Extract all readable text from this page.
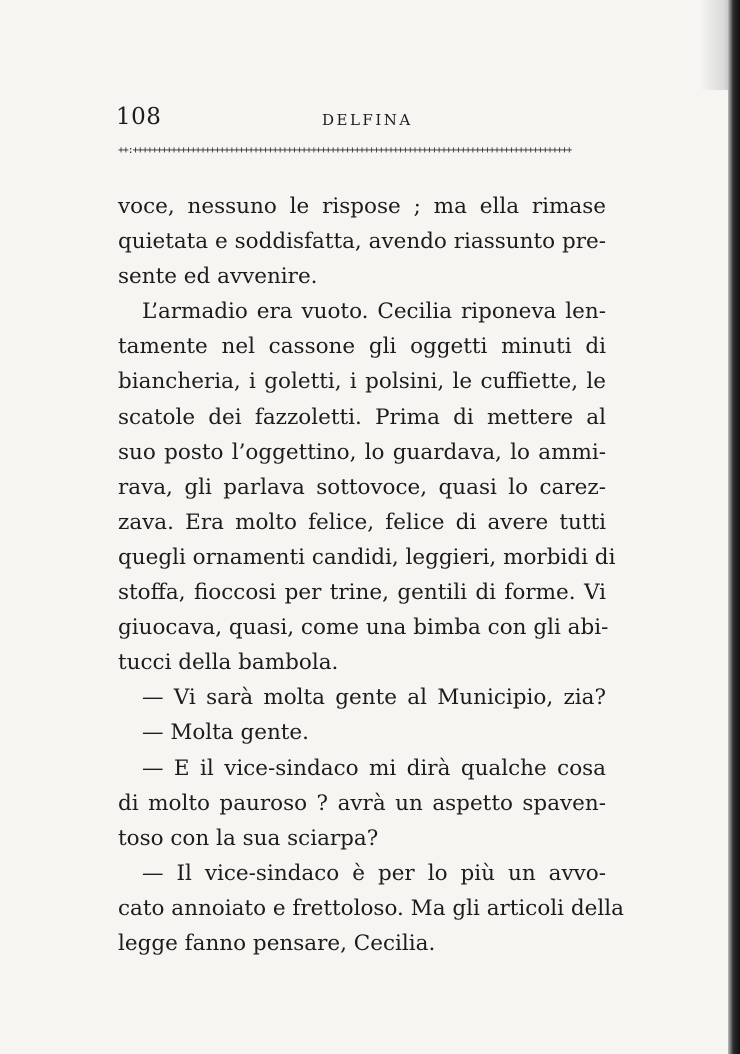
108	DELFINA
++:+++++++++++++++++++++++++++++++++++++++++++++++++++++++++++++++++++++++++++++++++++++++++++
voce, nessuno le rispose ; ma ella rimase
quietata e soddisfatta, avendo riassunto pre-
sente ed avvenire.
L’armadio era vuoto. Cecilia riponeva len-
tamente nel cassone gli oggetti minuti di
biancheria, i goletti, i polsini, le cuffiette, le
scatole dei fazzoletti. Prima di mettere al
suo posto l’oggettino, lo guardava, lo ammi-
rava, gli parlava sottovoce, quasi lo carez-
zava. Era molto felice, felice di avere tutti
quegli ornamenti candidi, leggieri, morbidi di
stoffa, fioccosi per trine, gentili di forme. Vi
giuocava, quasi, come una bimba con gli abi-
tucci della bambola.
— Vi sarà molta gente al Municipio, zia?
— Molta gente.
— E il vice-sindaco mi dirà qualche cosa
di molto pauroso ? avrà un aspetto spaven-
toso con la sua sciarpa?
— Il vice-sindaco è per lo più un avvo-
cato annoiato e frettoloso. Ma gli articoli della
legge fanno pensare, Cecilia.
